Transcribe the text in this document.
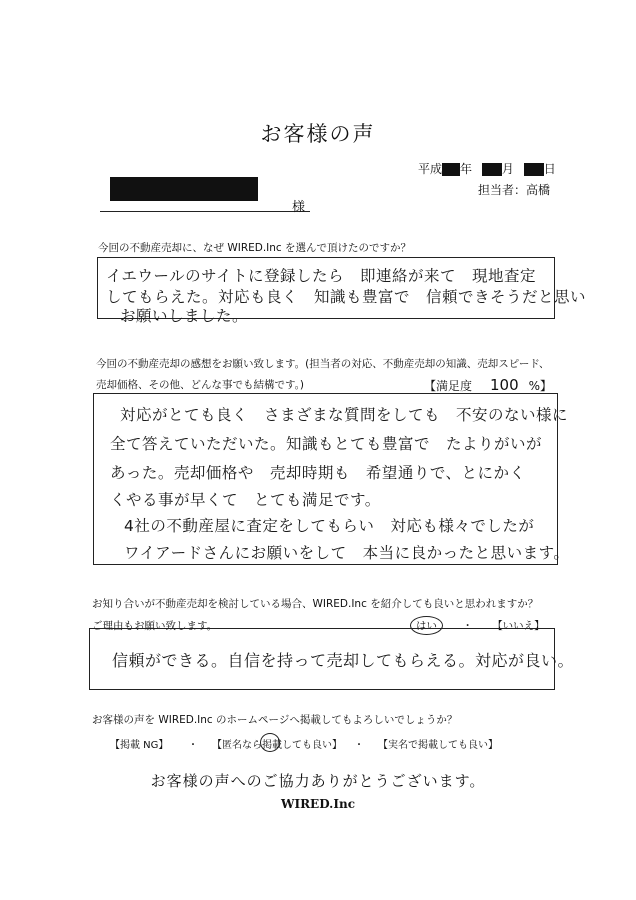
お客様の声
平成 年 月 日
担当者：高橋
様
今回の不動産売却に、なぜ WIRED.Inc を選んで頂けたのですか？
イエウールのサイトに登録したら　即連絡が来て　現地査定
してもらえた。対応も良く　知識も豊富で　信頼できそうだと思い
お願いしました。
今回の不動産売却の感想をお願い致します。(担当者の対応、不動産売却の知識、売却スピード、
売却価格、その他、どんな事でも結構です。)	【満足度 100 %】
対応がとても良く　さまざまな質問をしても　不安のない様に
全て答えていただいた。知識もとても豊富で　たよりがいが
あった。売却価格や　売却時期も　希望通りで、とにかく
くやる事が早くて　とても満足です。
4社の不動産屋に査定をしてもらい　対応も様々でしたが
ワイアードさんにお願いをして　本当に良かったと思います。
お知り合いが不動産売却を検討している場合、WIRED.Inc を紹介しても良いと思われますか？
ご理由もお願い致します。	はい ・ 【いいえ】
信頼ができる。自信を持って売却してもらえる。対応が良い。
お客様の声を WIRED.Inc のホームページへ掲載してもよろしいでしょうか？
【掲載 NG】 ・ 【匿名なら掲載しても良い】 ・ 【実名で掲載しても良い】
お客様の声へのご協力ありがとうございます。
WIRED.Inc
